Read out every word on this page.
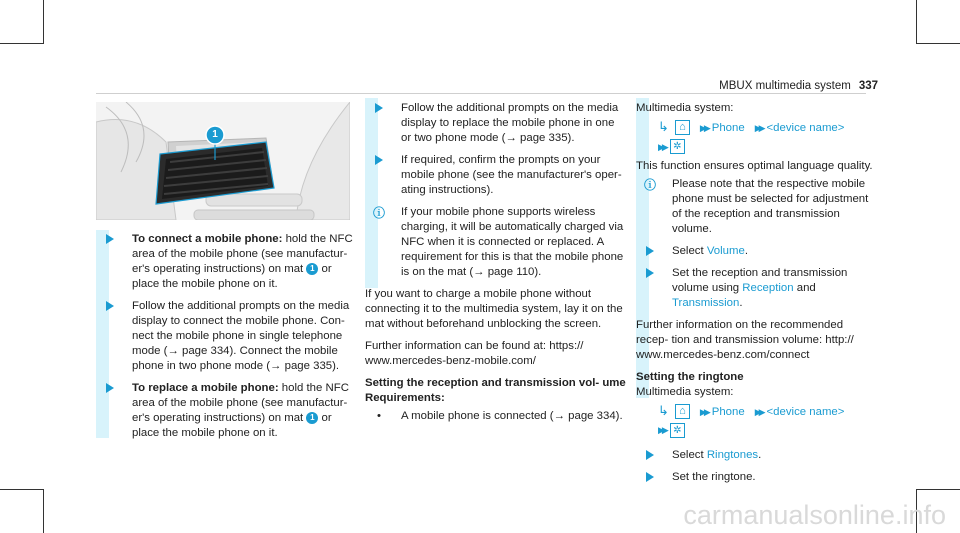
MBUX multimedia system 337
1
To connect a mobile phone: hold the NFC area of the mobile phone (see manufactur- er's operating instructions) on mat 1 or place the mobile phone on it.
Follow the additional prompts on the media display to connect the mobile phone. Con- nect the mobile phone in single telephone mode (→ page 334). Connect the mobile phone in two phone mode (→ page 335).
To replace a mobile phone: hold the NFC area of the mobile phone (see manufactur- er's operating instructions) on mat 1 or place the mobile phone on it.
Follow the additional prompts on the media display to replace the mobile phone in one or two phone mode (→ page 335).
If required, confirm the prompts on your mobile phone (see the manufacturer's oper- ating instructions).
ⓘ If your mobile phone supports wireless charging, it will be automatically charged via NFC when it is connected or replaced. A requirement for this is that the mobile phone is on the mat (→ page 110).

If you want to charge a mobile phone without connecting it to the multimedia system, lay it on the mat without beforehand unblocking the screen.

Further information can be found at: https:// www.mercedes-benz-mobile.com/

Setting the reception and transmission vol- ume

Requirements:

• A mobile phone is connected (→ page 334).

Multimedia system:

↳ ⌂ ▶▶ Phone ▶▶ <device name>
▶▶ ✲

This function ensures optimal language quality.

ⓘ Please note that the respective mobile phone must be selected for adjustment of the reception and transmission volume.
Select Volume.
Set the reception and transmission volume using Reception and Transmission.

Further information on the recommended recep- tion and transmission volume: http:// www.mercedes-benz.com/connect

Setting the ringtone

Multimedia system:

↳ ⌂ ▶▶ Phone ▶▶ <device name>
▶▶ ✲
Select Ringtones.
Set the ringtone.
carmanualsonline.info
